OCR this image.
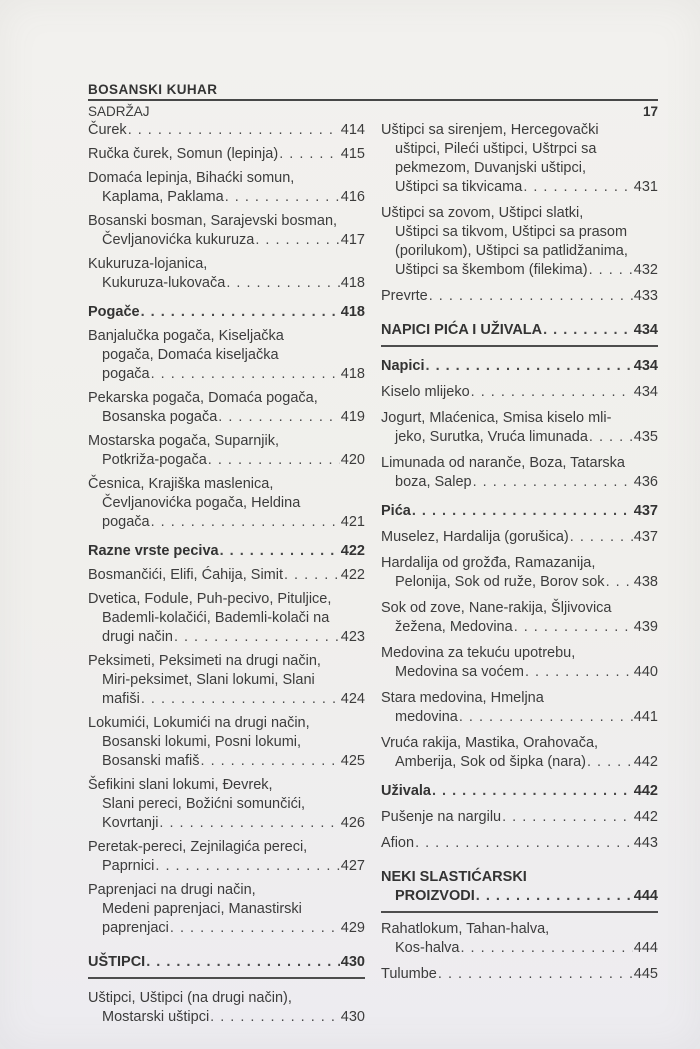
BOSANSKI KUHAR
SADRŽAJ	17
Čurek . . .	414
Ručka čurek, Somun (lepinja) . . .	415
Domaća lepinja, Bihaćki somun,
Kaplama, Paklama . . .	416
Bosanski bosman, Sarajevski bosman,
Čevljanovićka kukuruza . . .	417
Kukuruza-lojanica,
Kukuruza-lukovača . . .	418
Pogače . . .	418
Banjalučka pogača, Kiseljačka
pogača, Domaća kiseljačka
pogača . . .	418
Pekarska pogača, Domaća pogača,
Bosanska pogača . . .	419
Mostarska pogača, Suparnjik,
Potkriža-pogača . . .	420
Česnica, Krajiška maslenica,
Čevljanovićka pogača, Heldina
pogača . . .	421
Razne vrste peciva . . .	422
Bosmančići, Elifi, Ćahija, Simit . . .	422
Dvetica, Fodule, Puh-pecivo, Pituljice,
Bademli-kolačići, Bademli-kolači na
drugi način . . .	423
Peksimeti, Peksimeti na drugi način,
Miri-peksimet, Slani lokumi, Slani
mafiši . . .	424
Lokumići, Lokumići na drugi način,
Bosanski lokumi, Posni lokumi,
Bosanski mafiš . . .	425
Šefikini slani lokumi, Đevrek,
Slani pereci, Božićni somunčići,
Kovrtanji . . .	426
Peretak-pereci, Zejnilagića pereci,
Paprnici . . .	427
Paprenjaci na drugi način,
Medeni paprenjaci, Manastirski
paprenjaci . . .	429
UŠTIPCI . . .	430
Uštipci, Uštipci (na drugi način),
Mostarski uštipci . . .	430
Uštipci sa sirenjem, Hercegovački
uštipci, Pileći uštipci, Uštrpci sa
pekmezom, Duvanjski uštipci,
Uštipci sa tikvicama . . .	431
Uštipci sa zovom, Uštipci slatki,
Uštipci sa tikvom, Uštipci sa prasom
(porilukom), Uštipci sa patlidžanima,
Uštipci sa škembom (filekima) . . .	432
Prevrte . . .	433
NAPICI PIĆA I UŽIVALA . . .	434
Napici . . .	434
Kiselo mlijeko . . .	434
Jogurt, Mlaćenica, Smisa kiselo mli-
jeko, Surutka, Vruća limunada . . .	435
Limunada od naranče, Boza, Tatarska
boza, Salep . . .	436
Pića . . .	437
Muselez, Hardalija (gorušica) . . .	437
Hardalija od grožđa, Ramazanija,
Pelonija, Sok od ruže, Borov sok . . . 438
Sok od zove, Nane-rakija, Šljivovica
žežena, Medovina . . .	439
Medovina za tekuću upotrebu,
Medovina sa voćem . . .	440
Stara medovina, Hmeljna
medovina . . .	441
Vruća rakija, Mastika, Orahovača,
Amberija, Sok od šipka (nara) . . .	442
Uživala . . .	442
Pušenje na nargilu . . .	442
Afion . . .	443
NEKI SLASTIĆARSKI
PROIZVODI . . .	444
Rahatlokum, Tahan-halva,
Kos-halva . . .	444
Tulumbe . . .	445
